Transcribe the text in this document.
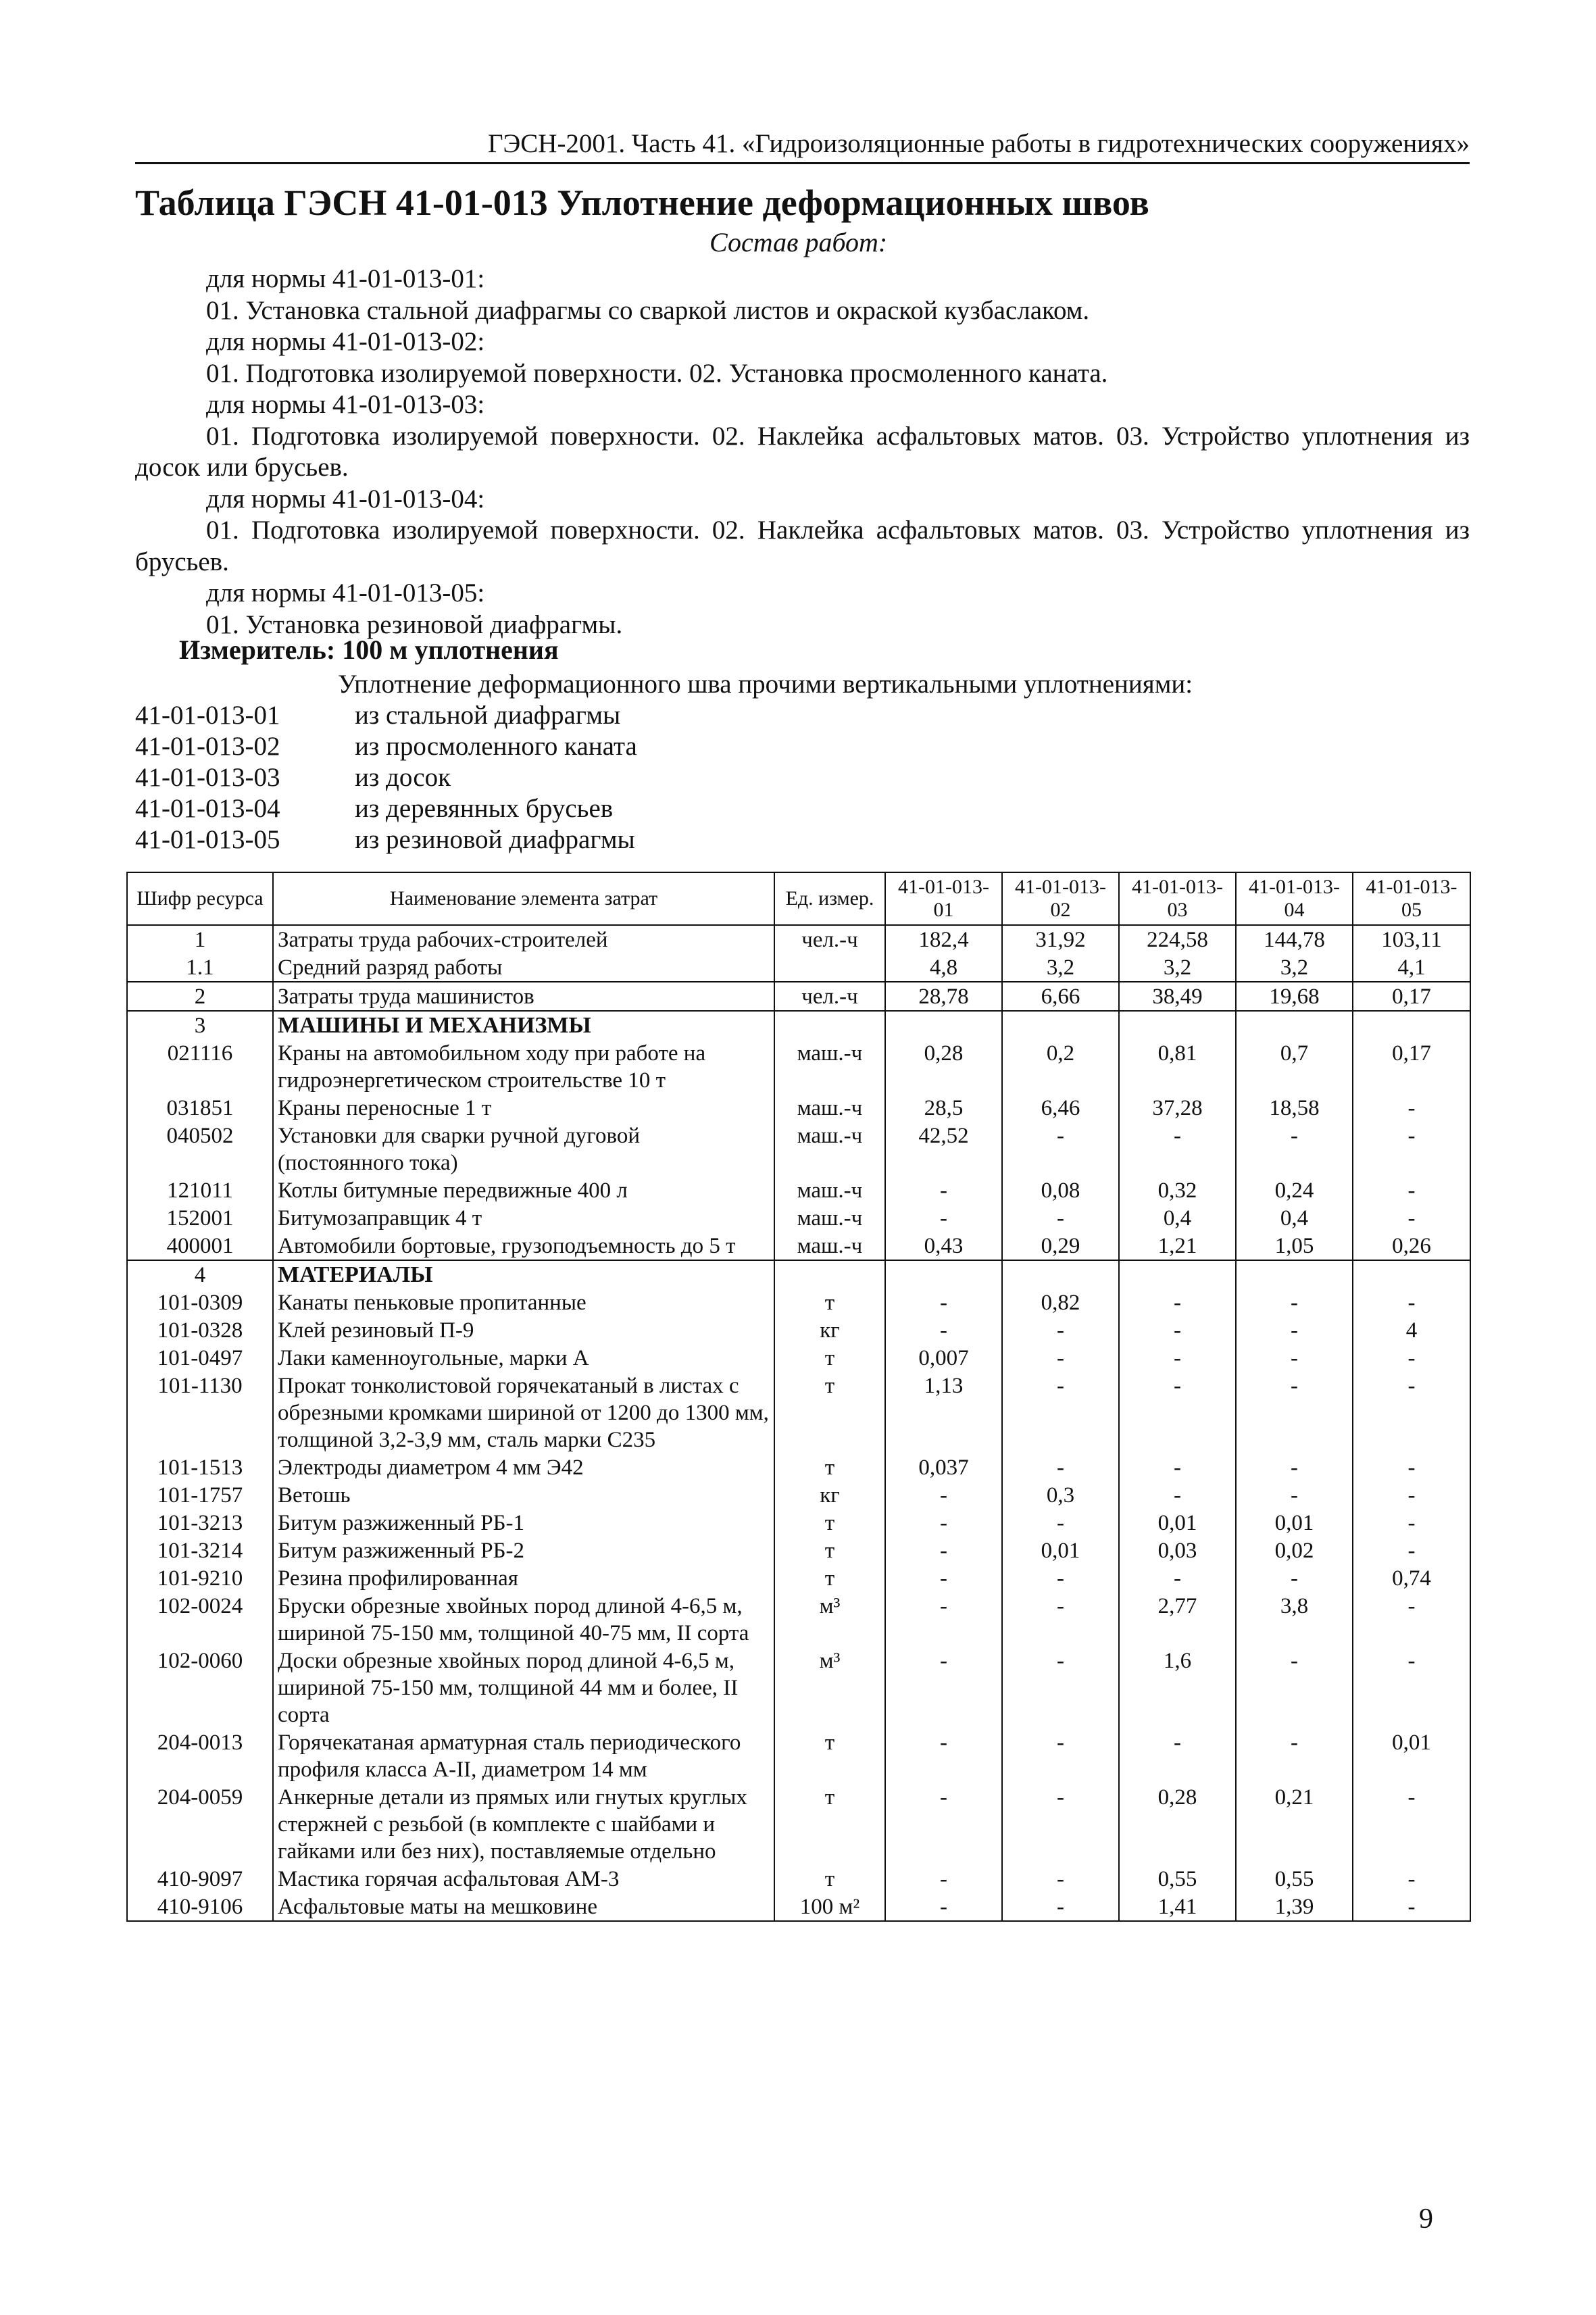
ГЭСН-2001. Часть 41. «Гидроизоляционные работы в гидротехнических сооружениях»
Таблица ГЭСН 41-01-013 Уплотнение деформационных швов
Состав работ:
для нормы 41-01-013-01:
01. Установка стальной диафрагмы со сваркой листов и окраской кузбаслаком.
для нормы 41-01-013-02:
01. Подготовка изолируемой поверхности. 02. Установка просмоленного каната.
для нормы 41-01-013-03:
01. Подготовка изолируемой поверхности. 02. Наклейка асфальтовых матов. 03. Устройство уплотнения из досок или брусьев.
для нормы 41-01-013-04:
01. Подготовка изолируемой поверхности. 02. Наклейка асфальтовых матов. 03. Устройство уплотнения из брусьев.
для нормы 41-01-013-05:
01. Установка резиновой диафрагмы.
Измеритель: 100 м уплотнения
Уплотнение деформационного шва прочими вертикальными уплотнениями:
41-01-013-01	из стальной диафрагмы
41-01-013-02	из просмоленного каната
41-01-013-03	из досок
41-01-013-04	из деревянных брусьев
41-01-013-05	из резиновой диафрагмы
Шифр ресурса	Наименование элемента затрат	Ед. измер.	41-01-013-01	41-01-013-02	41-01-013-03	41-01-013-04	41-01-013-05
1	Затраты труда рабочих-строителей	чел.-ч	182,4	31,92	224,58	144,78	103,11
1.1	Средний разряд работы		4,8	3,2	3,2	3,2	4,1
2	Затраты труда машинистов	чел.-ч	28,78	6,66	38,49	19,68	0,17
3	МАШИНЫ И МЕХАНИЗМЫ						
021116	Краны на автомобильном ходу при работе на гидроэнергетическом строительстве 10 т	маш.-ч	0,28	0,2	0,81	0,7	0,17
031851	Краны переносные 1 т	маш.-ч	28,5	6,46	37,28	18,58	-
040502	Установки для сварки ручной дуговой (постоянного тока)	маш.-ч	42,52	-	-	-	-
121011	Котлы битумные передвижные 400 л	маш.-ч	-	0,08	0,32	0,24	-
152001	Битумозаправщик 4 т	маш.-ч	-	-	0,4	0,4	-
400001	Автомобили бортовые, грузоподъемность до 5 т	маш.-ч	0,43	0,29	1,21	1,05	0,26
4	МАТЕРИАЛЫ						
101-0309	Канаты пеньковые пропитанные	т	-	0,82	-	-	-
101-0328	Клей резиновый П-9	кг	-	-	-	-	4
101-0497	Лаки каменноугольные, марки А	т	0,007	-	-	-	-
101-1130	Прокат тонколистовой горячекатаный в листах с обрезными кромками шириной от 1200 до 1300 мм, толщиной 3,2-3,9 мм, сталь марки С235	т	1,13	-	-	-	-
101-1513	Электроды диаметром 4 мм Э42	т	0,037	-	-	-	-
101-1757	Ветошь	кг	-	0,3	-	-	-
101-3213	Битум разжиженный РБ-1	т	-	-	0,01	0,01	-
101-3214	Битум разжиженный РБ-2	т	-	0,01	0,03	0,02	-
101-9210	Резина профилированная	т	-	-	-	-	0,74
102-0024	Бруски обрезные хвойных пород длиной 4-6,5 м, шириной 75-150 мм, толщиной 40-75 мм, II сорта	м³	-	-	2,77	3,8	-
102-0060	Доски обрезные хвойных пород длиной 4-6,5 м, шириной 75-150 мм, толщиной 44 мм и более, II сорта	м³	-	-	1,6	-	-
204-0013	Горячекатаная арматурная сталь периодического профиля класса А-II, диаметром 14 мм	т	-	-	-	-	0,01
204-0059	Анкерные детали из прямых или гнутых круглых стержней с резьбой (в комплекте с шайбами и гайками или без них), поставляемые отдельно	т	-	-	0,28	0,21	-
410-9097	Мастика горячая асфальтовая АМ-3	т	-	-	0,55	0,55	-
410-9106	Асфальтовые маты на мешковине	100 м²	-	-	1,41	1,39	-
9
